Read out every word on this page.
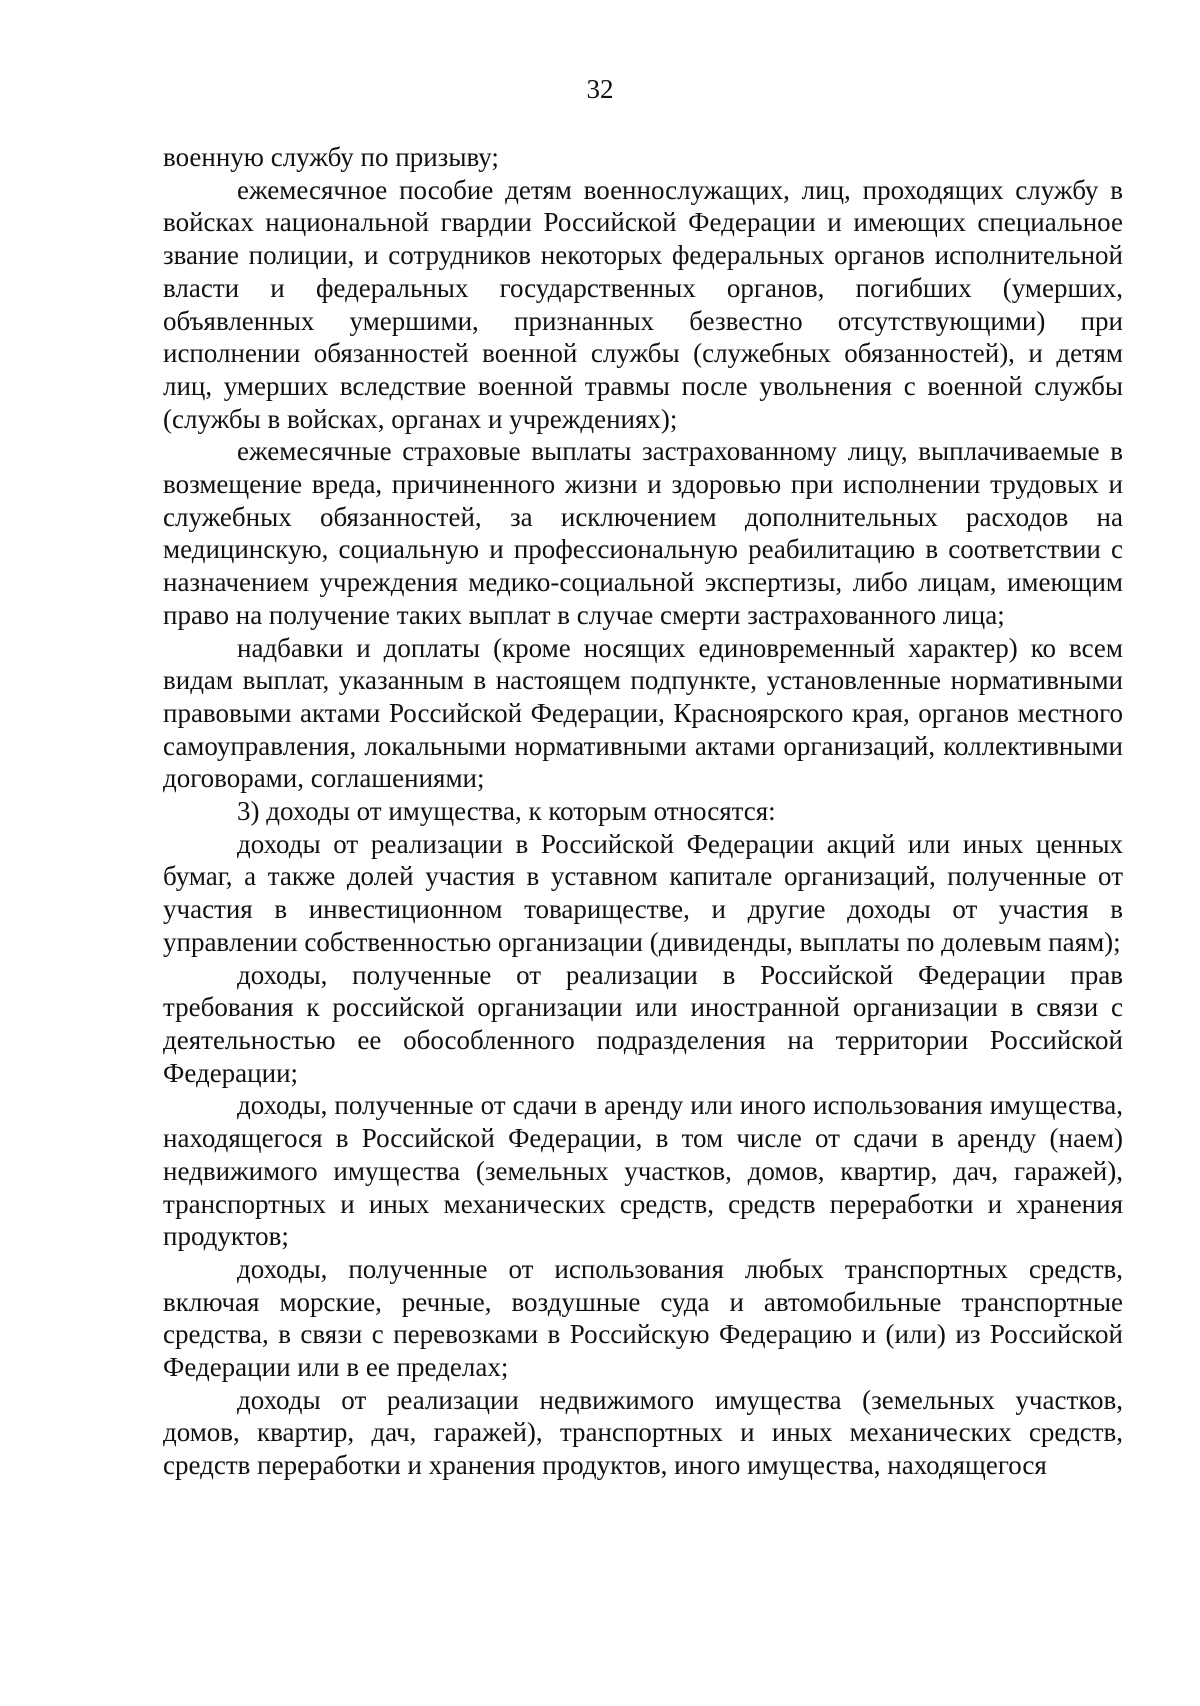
32

военную службу по призыву;

ежемесячное пособие детям военнослужащих, лиц, проходящих службу в войсках национальной гвардии Российской Федерации и имеющих специальное звание полиции, и сотрудников некоторых федеральных органов исполнительной власти и федеральных государственных органов, погибших (умерших, объявленных умершими, признанных безвестно отсутствующими) при исполнении обязанностей военной службы (служебных обязанностей), и детям лиц, умерших вследствие военной травмы после увольнения с военной службы (службы в войсках, органах и учреждениях);

ежемесячные страховые выплаты застрахованному лицу, выплачиваемые в возмещение вреда, причиненного жизни и здоровью при исполнении трудовых и служебных обязанностей, за исключением дополнительных расходов на медицинскую, социальную и профессиональную реабилитацию в соответствии с назначением учреждения медико-социальной экспертизы, либо лицам, имеющим право на получение таких выплат в случае смерти застрахованного лица;

надбавки и доплаты (кроме носящих единовременный характер) ко всем видам выплат, указанным в настоящем подпункте, установленные нормативными правовыми актами Российской Федерации, Красноярского края, органов местного самоуправления, локальными нормативными актами организаций, коллективными договорами, соглашениями;

3) доходы от имущества, к которым относятся:

доходы от реализации в Российской Федерации акций или иных ценных бумаг, а также долей участия в уставном капитале организаций, полученные от участия в инвестиционном товариществе, и другие доходы от участия в управлении собственностью организации (дивиденды, выплаты по долевым паям);

доходы, полученные от реализации в Российской Федерации прав требования к российской организации или иностранной организации в связи с деятельностью ее обособленного подразделения на территории Российской Федерации;

доходы, полученные от сдачи в аренду или иного использования имущества, находящегося в Российской Федерации, в том числе от сдачи в аренду (наем) недвижимого имущества (земельных участков, домов, квартир, дач, гаражей), транспортных и иных механических средств, средств переработки и хранения продуктов;

доходы, полученные от использования любых транспортных средств, включая морские, речные, воздушные суда и автомобильные транспортные средства, в связи с перевозками в Российскую Федерацию и (или) из Российской Федерации или в ее пределах;

доходы от реализации недвижимого имущества (земельных участков, домов, квартир, дач, гаражей), транспортных и иных механических средств, средств переработки и хранения продуктов, иного имущества, находящегося
